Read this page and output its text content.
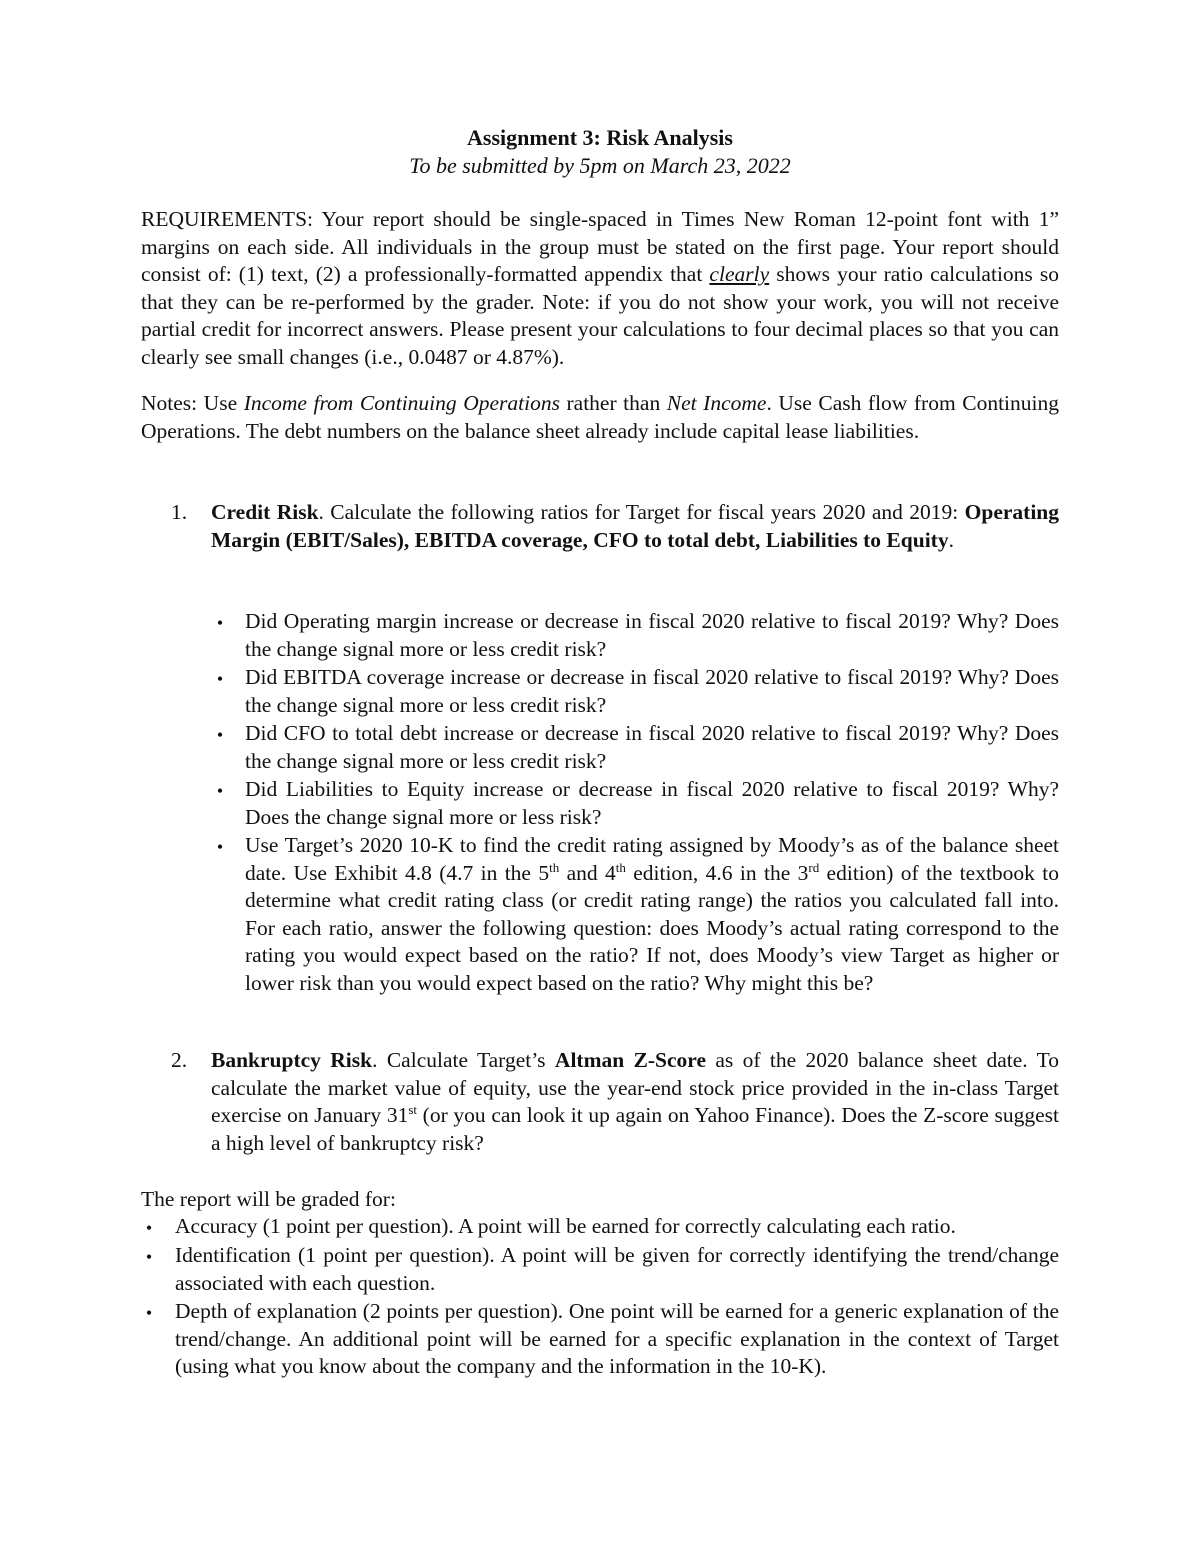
Assignment 3: Risk Analysis
To be submitted by 5pm on March 23, 2022
REQUIREMENTS: Your report should be single-spaced in Times New Roman 12-point font with 1” margins on each side. All individuals in the group must be stated on the first page. Your report should consist of: (1) text, (2) a professionally-formatted appendix that clearly shows your ratio calculations so that they can be re-performed by the grader. Note: if you do not show your work, you will not receive partial credit for incorrect answers. Please present your calculations to four decimal places so that you can clearly see small changes (i.e., 0.0487 or 4.87%).
Notes: Use Income from Continuing Operations rather than Net Income. Use Cash flow from Continuing Operations. The debt numbers on the balance sheet already include capital lease liabilities.
1. Credit Risk. Calculate the following ratios for Target for fiscal years 2020 and 2019: Operating Margin (EBIT/Sales), EBITDA coverage, CFO to total debt, Liabilities to Equity.
• Did Operating margin increase or decrease in fiscal 2020 relative to fiscal 2019? Why? Does the change signal more or less credit risk?
• Did EBITDA coverage increase or decrease in fiscal 2020 relative to fiscal 2019? Why? Does the change signal more or less credit risk?
• Did CFO to total debt increase or decrease in fiscal 2020 relative to fiscal 2019? Why? Does the change signal more or less credit risk?
• Did Liabilities to Equity increase or decrease in fiscal 2020 relative to fiscal 2019? Why? Does the change signal more or less risk?
• Use Target’s 2020 10-K to find the credit rating assigned by Moody’s as of the balance sheet date. Use Exhibit 4.8 (4.7 in the 5th and 4th edition, 4.6 in the 3rd edition) of the textbook to determine what credit rating class (or credit rating range) the ratios you calculated fall into. For each ratio, answer the following question: does Moody’s actual rating correspond to the rating you would expect based on the ratio? If not, does Moody’s view Target as higher or lower risk than you would expect based on the ratio? Why might this be?
2. Bankruptcy Risk. Calculate Target’s Altman Z-Score as of the 2020 balance sheet date. To calculate the market value of equity, use the year-end stock price provided in the in-class Target exercise on January 31st (or you can look it up again on Yahoo Finance). Does the Z-score suggest a high level of bankruptcy risk?
The report will be graded for:
• Accuracy (1 point per question). A point will be earned for correctly calculating each ratio.
• Identification (1 point per question). A point will be given for correctly identifying the trend/change associated with each question.
• Depth of explanation (2 points per question). One point will be earned for a generic explanation of the trend/change. An additional point will be earned for a specific explanation in the context of Target (using what you know about the company and the information in the 10-K).
